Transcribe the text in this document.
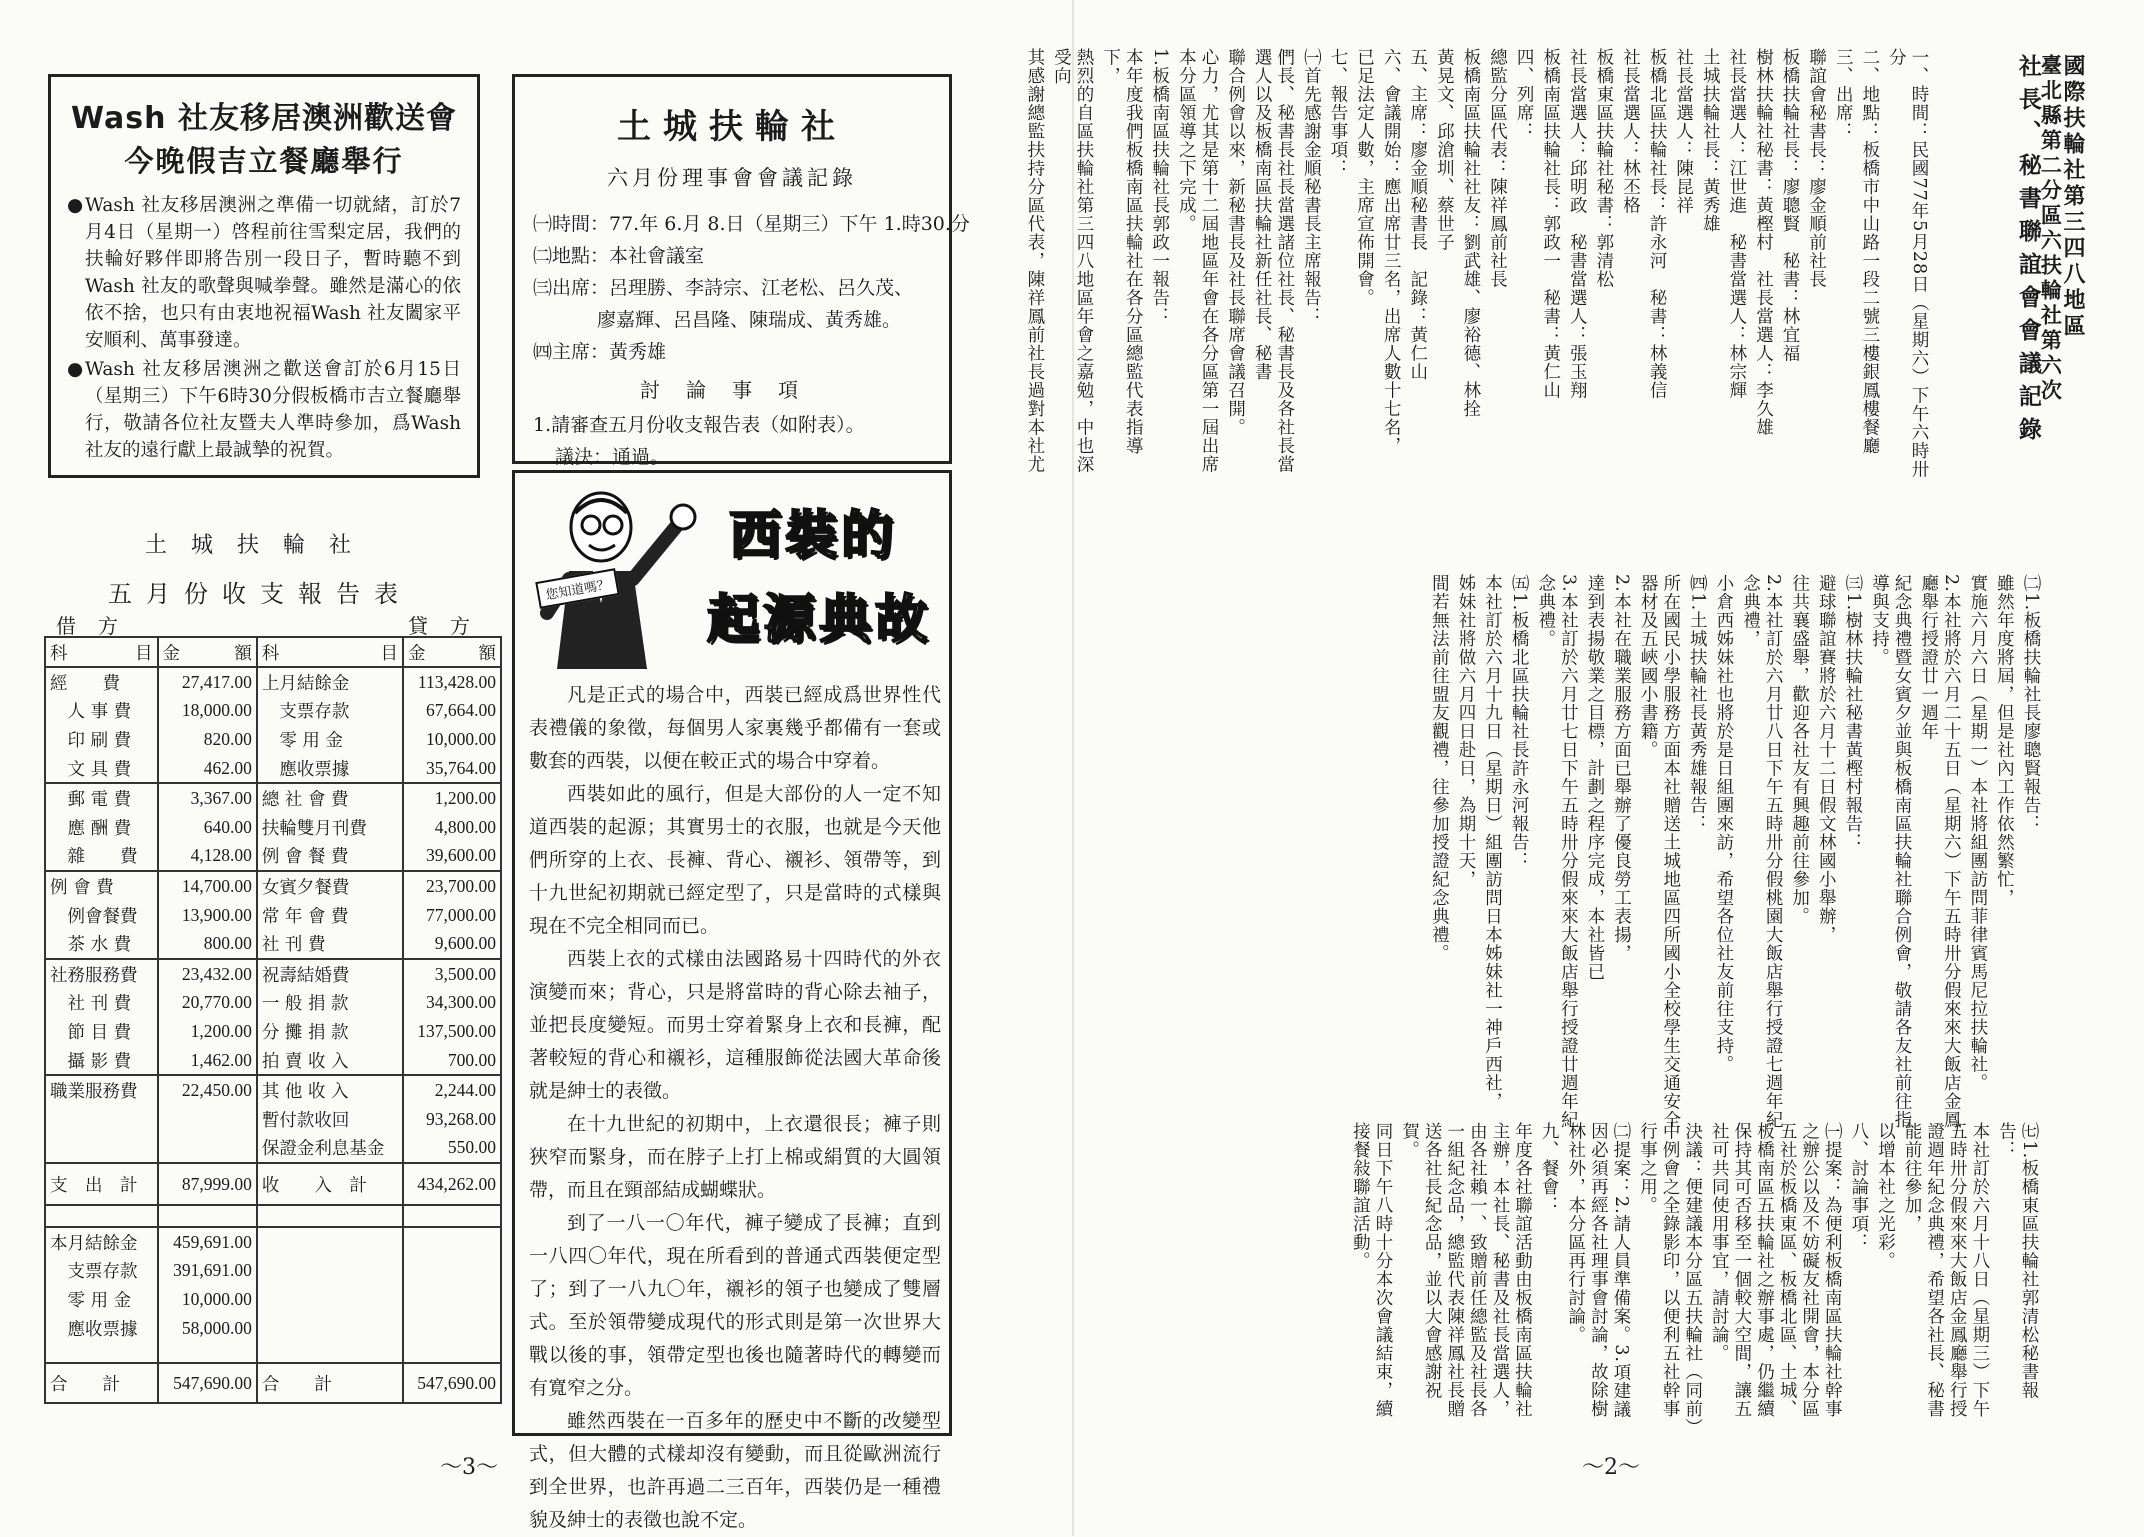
Wash 社友移居澳洲歡送會
今晚假吉立餐廳舉行
●Wash 社友移居澳洲之準備一切就緒，訂於7月4日（星期一）啓程前往雪梨定居，我們的扶輪好夥伴即將告別一段日子，暫時聽不到Wash 社友的歌聲與喊拳聲。雖然是滿心的依依不捨，也只有由衷地祝福Wash 社友闔家平安順利、萬事發達。
●Wash 社友移居澳洲之歡送會訂於6月15日（星期三）下午6時30分假板橋市吉立餐廳舉行，敬請各位社友暨夫人準時參加，爲Wash 社友的遠行獻上最誠摯的祝賀。
土城扶輪社
六月份理事會會議記錄
㈠時間：77.年 6.月 8.日（星期三）下午 1.時30.分
㈡地點：本社會議室
㈢出席：呂理勝、李詩宗、江老松、呂久茂、
廖嘉輝、呂昌隆、陳瑞成、黃秀雄。
㈣主席：黃秀雄
討論事項
1.請審查五月份收支報告表（如附表）。
議決：通過。
土城扶輪社
五月份收支報告表
借方	貸方
科 目	金 額	科 目	金 額

經　　費	27,417.00	上月結餘金	113,428.00
　人 事 費	18,000.00	　支票存款	67,664.00
　印 刷 費	820.00	　零 用 金	10,000.00
　文 具 費	462.00	　應收票據	35,764.00
　郵 電 費	3,367.00	總 社 會 費	1,200.00
　應 酬 費	640.00	扶輪雙月刊費	4,800.00
　雜　　費	4,128.00	例 會 餐 費	39,600.00
例 會 費	14,700.00	女賓夕餐費	23,700.00
　例會餐費	13,900.00	常 年 會 費	77,000.00
　茶 水 費	800.00	社 刊 費	9,600.00
社務服務費	23,432.00	祝壽結婚費	3,500.00
　社 刊 費	20,770.00	一 般 捐 款	34,300.00
　節 目 費	1,200.00	分 攤 捐 款	137,500.00
　攝 影 費	1,462.00	拍 賣 收 入	700.00
職業服務費	22,450.00	其 他 收 入	2,244.00
		暫付款收回	93,268.00
		保證金利息基金	550.00
支　出　計	87,999.00	收　　入　計	434,262.00

本月結餘金	459,691.00		
　支票存款	391,691.00		
　零 用 金	10,000.00		
　應收票據	58,000.00		

合　　計	547,690.00	合　　計	547,690.00
您知道嗎？
西裝的
起源典故

凡是正式的場合中，西裝已經成爲世界性代表禮儀的象徵，每個男人家裏幾乎都備有一套或數套的西裝，以便在較正式的場合中穿着。

西裝如此的風行，但是大部份的人一定不知道西裝的起源；其實男士的衣服，也就是今天他們所穿的上衣、長褲、背心、襯衫、領帶等，到十九世紀初期就已經定型了，只是當時的式樣與現在不完全相同而已。

西裝上衣的式樣由法國路易十四時代的外衣演變而來；背心，只是將當時的背心除去袖子，並把長度變短。而男士穿着緊身上衣和長褲，配著較短的背心和襯衫，這種服飾從法國大革命後就是紳士的表徵。

在十九世紀的初期中，上衣還很長；褲子則狹窄而緊身，而在脖子上打上棉或絹質的大圓領帶，而且在頸部結成蝴蝶狀。

到了一八一〇年代，褲子變成了長褲；直到一八四〇年代，現在所看到的普通式西裝便定型了；到了一八九〇年，襯衫的領子也變成了雙層式。至於領帶變成現代的形式則是第一次世界大戰以後的事，領帶定型也後也隨著時代的轉變而有寬窄之分。

雖然西裝在一百多年的歷史中不斷的改變型式，但大體的式樣却沒有變動，而且從歐洲流行到全世界，也許再過二三百年，西裝仍是一種禮貌及紳士的表徵也說不定。

～3～
國際扶輪社第三四八地區
臺北縣第二分區六扶輪社第六次
社長、秘書聯誼會會議記錄
一、時間：民國77年5月28日（星期六）下午六時卅分
二、地點：板橋市中山路一段二號三樓銀鳳樓餐廳
三、出席：
聯誼會秘書長：廖金順前社長
板橋扶輪社長：廖聰賢　秘書：林宜福
樹林扶輪社秘書：黃樫村　社長當選人：李久雄
社長當選人：江世進　秘書當選人：林宗輝
土城扶輪社長：黃秀雄
社長當選人：陳昆祥
板橋北區扶輪社長：許永河　秘書：林義信
社長當選人：林丕格
板橋東區扶輪社秘書：郭清松
社長當選人：邱明政　秘書當選人：張玉翔
板橋南區扶輪社長：郭政一　秘書：黃仁山
四、列席：
總監分區代表：陳祥鳳前社長
板橋南區扶輪社社友：劉武雄、廖裕德、林拴
黃晃文、邱滄圳、蔡世子
五、主席：廖金順秘書長　記錄：黃仁山
六、會議開始：應出席廿三名，出席人數十七名，
已足法定人數，主席宣佈開會。
七、報告事項：
㈠首先感謝金順秘書長主席報告：
們長、秘書長社長當選諸位社長、秘書長及各社長當選人以及板橋南區扶輪社新任社長、秘書
聯合例會以來，新秘書長及社長聯席會議召開。
心力，尤其是第十二屆地區年會在各分區第一屆出席本分區領導之下完成。
1.板橋南區扶輪社長郭政一報告：
本年度我們板橋南區扶輪社在各分區總監代表指導下，
熱烈的自區扶輪社第三四八地區年會之嘉勉，中也深受向
其感謝總監扶持分區代表，陳祥鳳前社長過對本社尤
㈡1.板橋扶輪社長廖聰賢報告：
雖然年度將屆，但是社內工作依然繁忙，
實施六月六日（星期一）本社將組團訪問菲律賓馬尼拉扶輪社。
2.本社將於六月二十五日（星期六）下午五時卅分假來來大飯店金鳳廳舉行授證廿一週年
紀念典禮暨女賓夕並與板橋南區扶輪社聯合例會，敬請各友社前往指導與支持。
㈢1.樹林扶輪社秘書黃樫村報告：
避球聯誼賽將於六月十二日假文林國小舉辦，
往共襄盛舉，歡迎各社友有興趣前往參加。
2.本社訂於六月廿八日下午五時卅分假桃園大飯店舉行授證七週年紀念典禮，
小倉西姊妹社也將於是日組團來訪，希望各位社友前往支持。
㈣1.土城扶輪社長黃秀雄報告：
所在國民小學服務方面本社贈送土城地區四所國小全校學生交通安全器材及五峽國小書籍。
2.本社在職業服務方面已舉辦了優良勞工表揚，
達到表揚敬業之目標，計劃之程序完成，本社皆已
3.本社訂於六月廿七日下午五時卅分假來來大飯店舉行授證廿週年紀念典禮。
㈤1.板橋北區扶輪社長許永河報告：
本社訂於六月十九日（星期日）組團訪問日本姊妹社一神戶西社，
姊妹社將做六月四日赴日，為期十天，
間若無法前往盟友觀禮，往參加授證紀念典禮。
㈦1.板橋東區扶輪社郭清松秘書報告：
本社訂於六月十八日（星期三）下午五時卅分假來來大飯店金鳳廳舉行授證週年紀念典禮，希望各社長、秘書能前往參加，
以增本社之光彩。
八、討論事項：
㈠提案：為便利板橋南區扶輪社幹事之辦公以及不妨礙友社開會，本分區五社於板橋東區、板橋北區、土城、板橋南區五扶輪社之辦事處，仍繼續保持其可否移至一個較大空間，讓五社可共同使用事宜，請討論。
決議：便建議本分區五扶輪社（同前）中例會之全錄影印，以便利五社幹事行事之用。
㈡提案：2.請人員準備案。3.項建議因必須再經各社理事會討論，故除樹林社外，本分區再行討論。
九、餐會：
年度各社聯誼活動由板橋南區扶輪社主辦，本社長、秘書及社長當選人，由各社賴一、致贈前任總監及社長各一組紀念品，總監代表陳祥鳳社長贈送各社長紀念品，並以大會感謝祝賀。
同日下午八時十分本次會議結束，續接餐敍聯誼活動。
～2～
